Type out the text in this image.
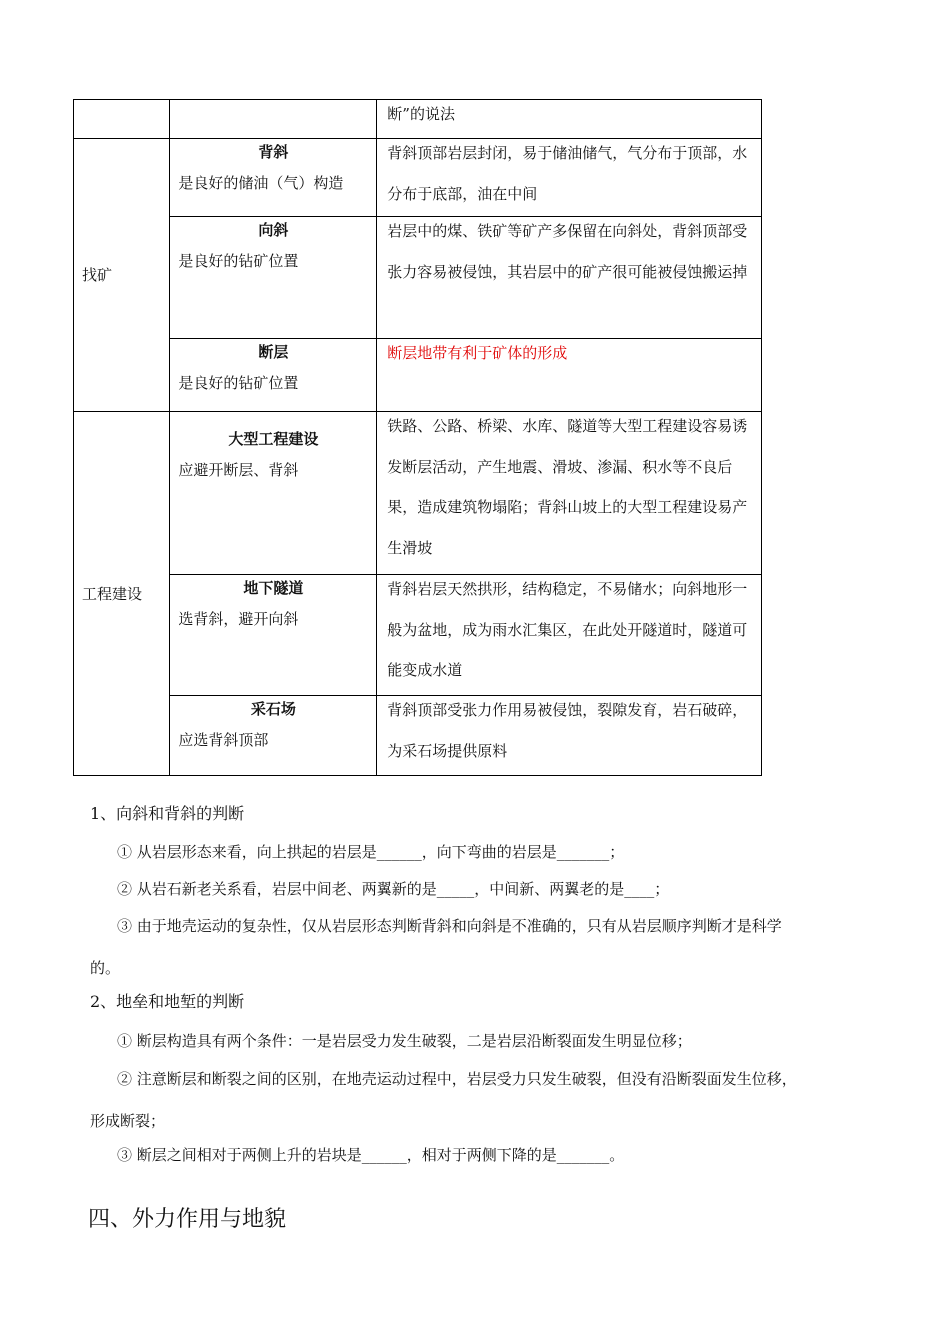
		断”的说法

找矿	背斜
是良好的储油（气）构造	背斜顶部岩层封闭，易于储油储气，气分布于顶部，水分布于底部，油在中间

	向斜
是良好的钻矿位置	岩层中的煤、铁矿等矿产多保留在向斜处，背斜顶部受张力容易被侵蚀，其岩层中的矿产很可能被侵蚀搬运掉

	断层
是良好的钻矿位置	断层地带有利于矿体的形成

工程建设	大型工程建设
应避开断层、背斜	铁路、公路、桥梁、水库、隧道等大型工程建设容易诱发断层活动，产生地震、滑坡、渗漏、积水等不良后果，造成建筑物塌陷；背斜山坡上的大型工程建设易产生滑坡

	地下隧道
选背斜，避开向斜	背斜岩层天然拱形，结构稳定，不易储水；向斜地形一般为盆地，成为雨水汇集区，在此处开隧道时，隧道可能变成水道

	采石场
应选背斜顶部	背斜顶部受张力作用易被侵蚀，裂隙发育，岩石破碎，为采石场提供原料
1、向斜和背斜的判断
① 从岩层形态来看，向上拱起的岩层是______，向下弯曲的岩层是_______；
② 从岩石新老关系看，岩层中间老、两翼新的是_____，中间新、两翼老的是____；
③ 由于地壳运动的复杂性，仅从岩层形态判断背斜和向斜是不准确的，只有从岩层顺序判断才是科学
的。
2、地垒和地堑的判断
① 断层构造具有两个条件：一是岩层受力发生破裂，二是岩层沿断裂面发生明显位移；
② 注意断层和断裂之间的区别，在地壳运动过程中，岩层受力只发生破裂，但没有沿断裂面发生位移，
形成断裂；
③ 断层之间相对于两侧上升的岩块是______，相对于两侧下降的是_______。
四、外力作用与地貌
